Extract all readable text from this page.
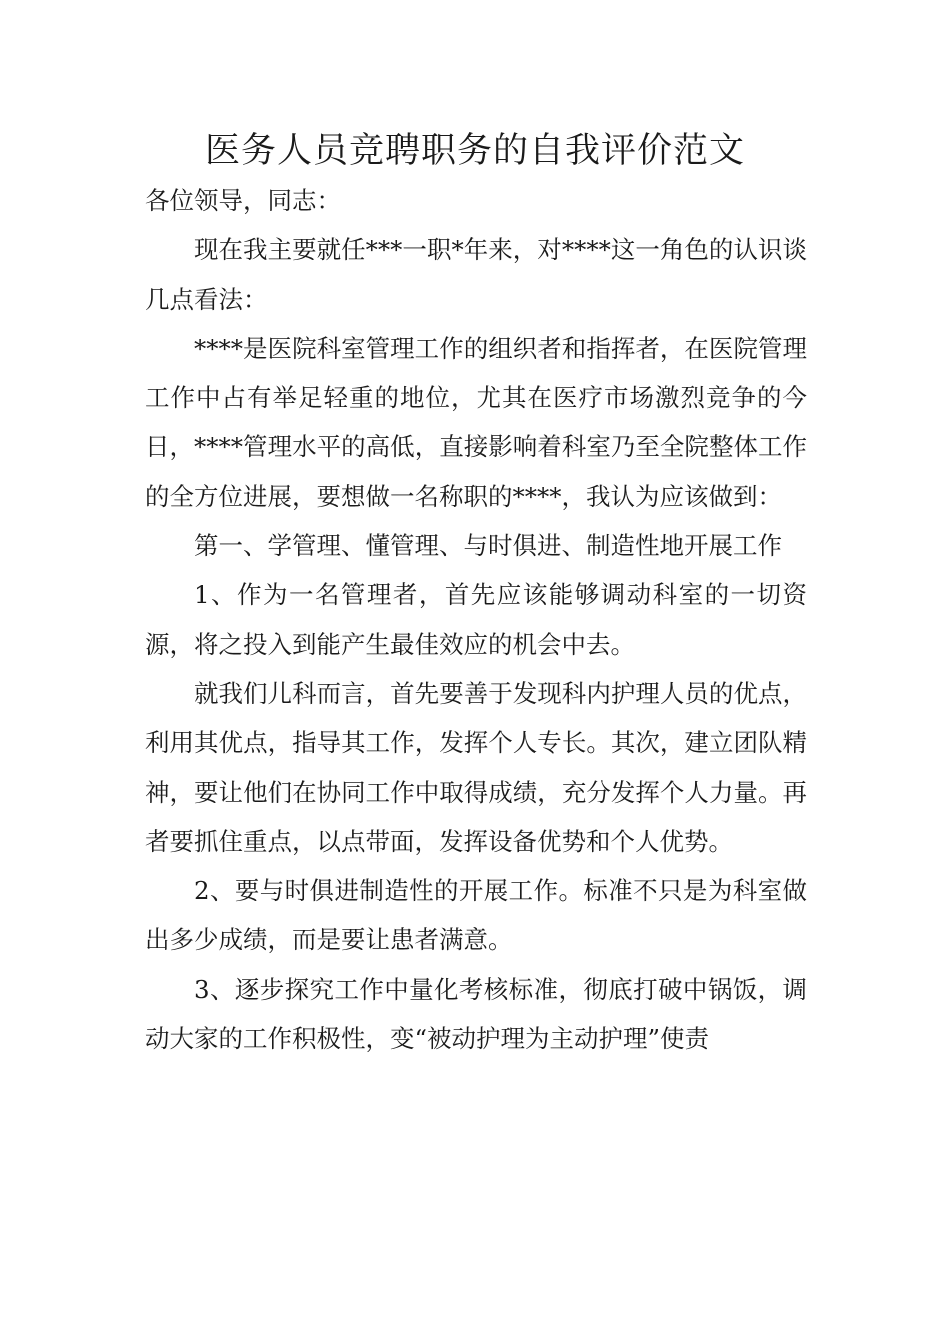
医务人员竞聘职务的自我评价范文

各位领导，同志：

现在我主要就任***一职*年来，对****这一角色的认识谈几点看法：

****是医院科室管理工作的组织者和指挥者，在医院管理工作中占有举足轻重的地位，尤其在医疗市场激烈竞争的今日，****管理水平的高低，直接影响着科室乃至全院整体工作的全方位进展，要想做一名称职的****，我认为应该做到：

第一、学管理、懂管理、与时俱进、制造性地开展工作

1、作为一名管理者，首先应该能够调动科室的一切资源，将之投入到能产生最佳效应的机会中去。

就我们儿科而言，首先要善于发现科内护理人员的优点，利用其优点，指导其工作，发挥个人专长。其次，建立团队精神，要让他们在协同工作中取得成绩，充分发挥个人力量。再者要抓住重点，以点带面，发挥设备优势和个人优势。

2、要与时俱进制造性的开展工作。标准不只是为科室做出多少成绩，而是要让患者满意。

3、逐步探究工作中量化考核标准，彻底打破中锅饭，调动大家的工作积极性，变“被动护理为主动护理”使责
